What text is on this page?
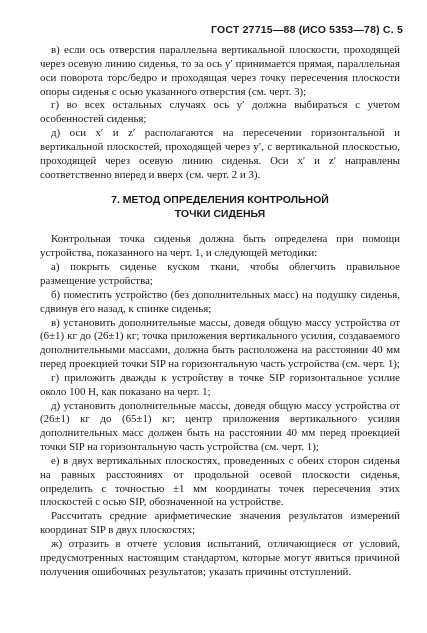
ГОСТ 27715—88 (ИСО 5353—78) С. 5

в) если ось отверстия параллельна вертикальной плоскости, проходящей через осевую линию сиденья, то за ось y′ принимается прямая, параллельная оси поворота торс/бедро и проходящая через точку пересечения плоскости опоры сиденья с осью указанного отверстия (см. черт. 3);

г) во всех остальных случаях ось y′ должна выбираться с учетом особенностей сиденья;

д) оси x′ и z′ располагаются на пересечении горизонтальной и вертикальной плоскостей, проходящей через y′, с вертикальной плоскостью, проходящей через осевую линию сиденья. Оси x′ и z′ направлены соответственно вперед и вверх (см. черт. 2 и 3).

7. МЕТОД ОПРЕДЕЛЕНИЯ КОНТРОЛЬНОЙ
ТОЧКИ СИДЕНЬЯ

Контрольная точка сиденья должна быть определена при помощи устройства, показанного на черт. 1, и следующей методики:

а) покрыть сиденье куском ткани, чтобы облегчить правильное размещение устройства;

б) поместить устройство (без дополнительных масс) на подушку сиденья, сдвинув его назад, к спинке сиденья;

в) установить дополнительные массы, доведя общую массу устройства от (6±1) кг до (26±1) кг; точка приложения вертикального усилия, создаваемого дополнительными массами, должна быть расположена на расстоянии 40 мм перед проекцией точки SIP на горизонтальную часть устройства (см. черт. 1);

г) приложить дважды к устройству в точке SIP горизонтальное усилие около 100 Н, как показано на черт. 1;

д) установить дополнительные массы, доведя общую массу устройства от (26±1) кг до (65±1) кг; центр приложения вертикального усилия дополнительных масс должен быть на расстоянии 40 мм перед проекцией точки SIP на горизонтальную часть устройства (см. черт. 1);

е) в двух вертикальных плоскостях, проведенных с обеих сторон сиденья на равных расстояниях от продольной осевой плоскости сиденья, определить с точностью ±1 мм координаты точек пересечения этих плоскостей с осью SIP, обозначенной на устройстве.

Рассчитать средние арифметические значения результатов измерений координат SIP в двух плоскостях;

ж) отразить в отчете условия испытаний, отличающиеся от условий, предусмотренных настоящим стандартом, которые могут явиться причиной получения ошибочных результатов; указать причины отступлений.
